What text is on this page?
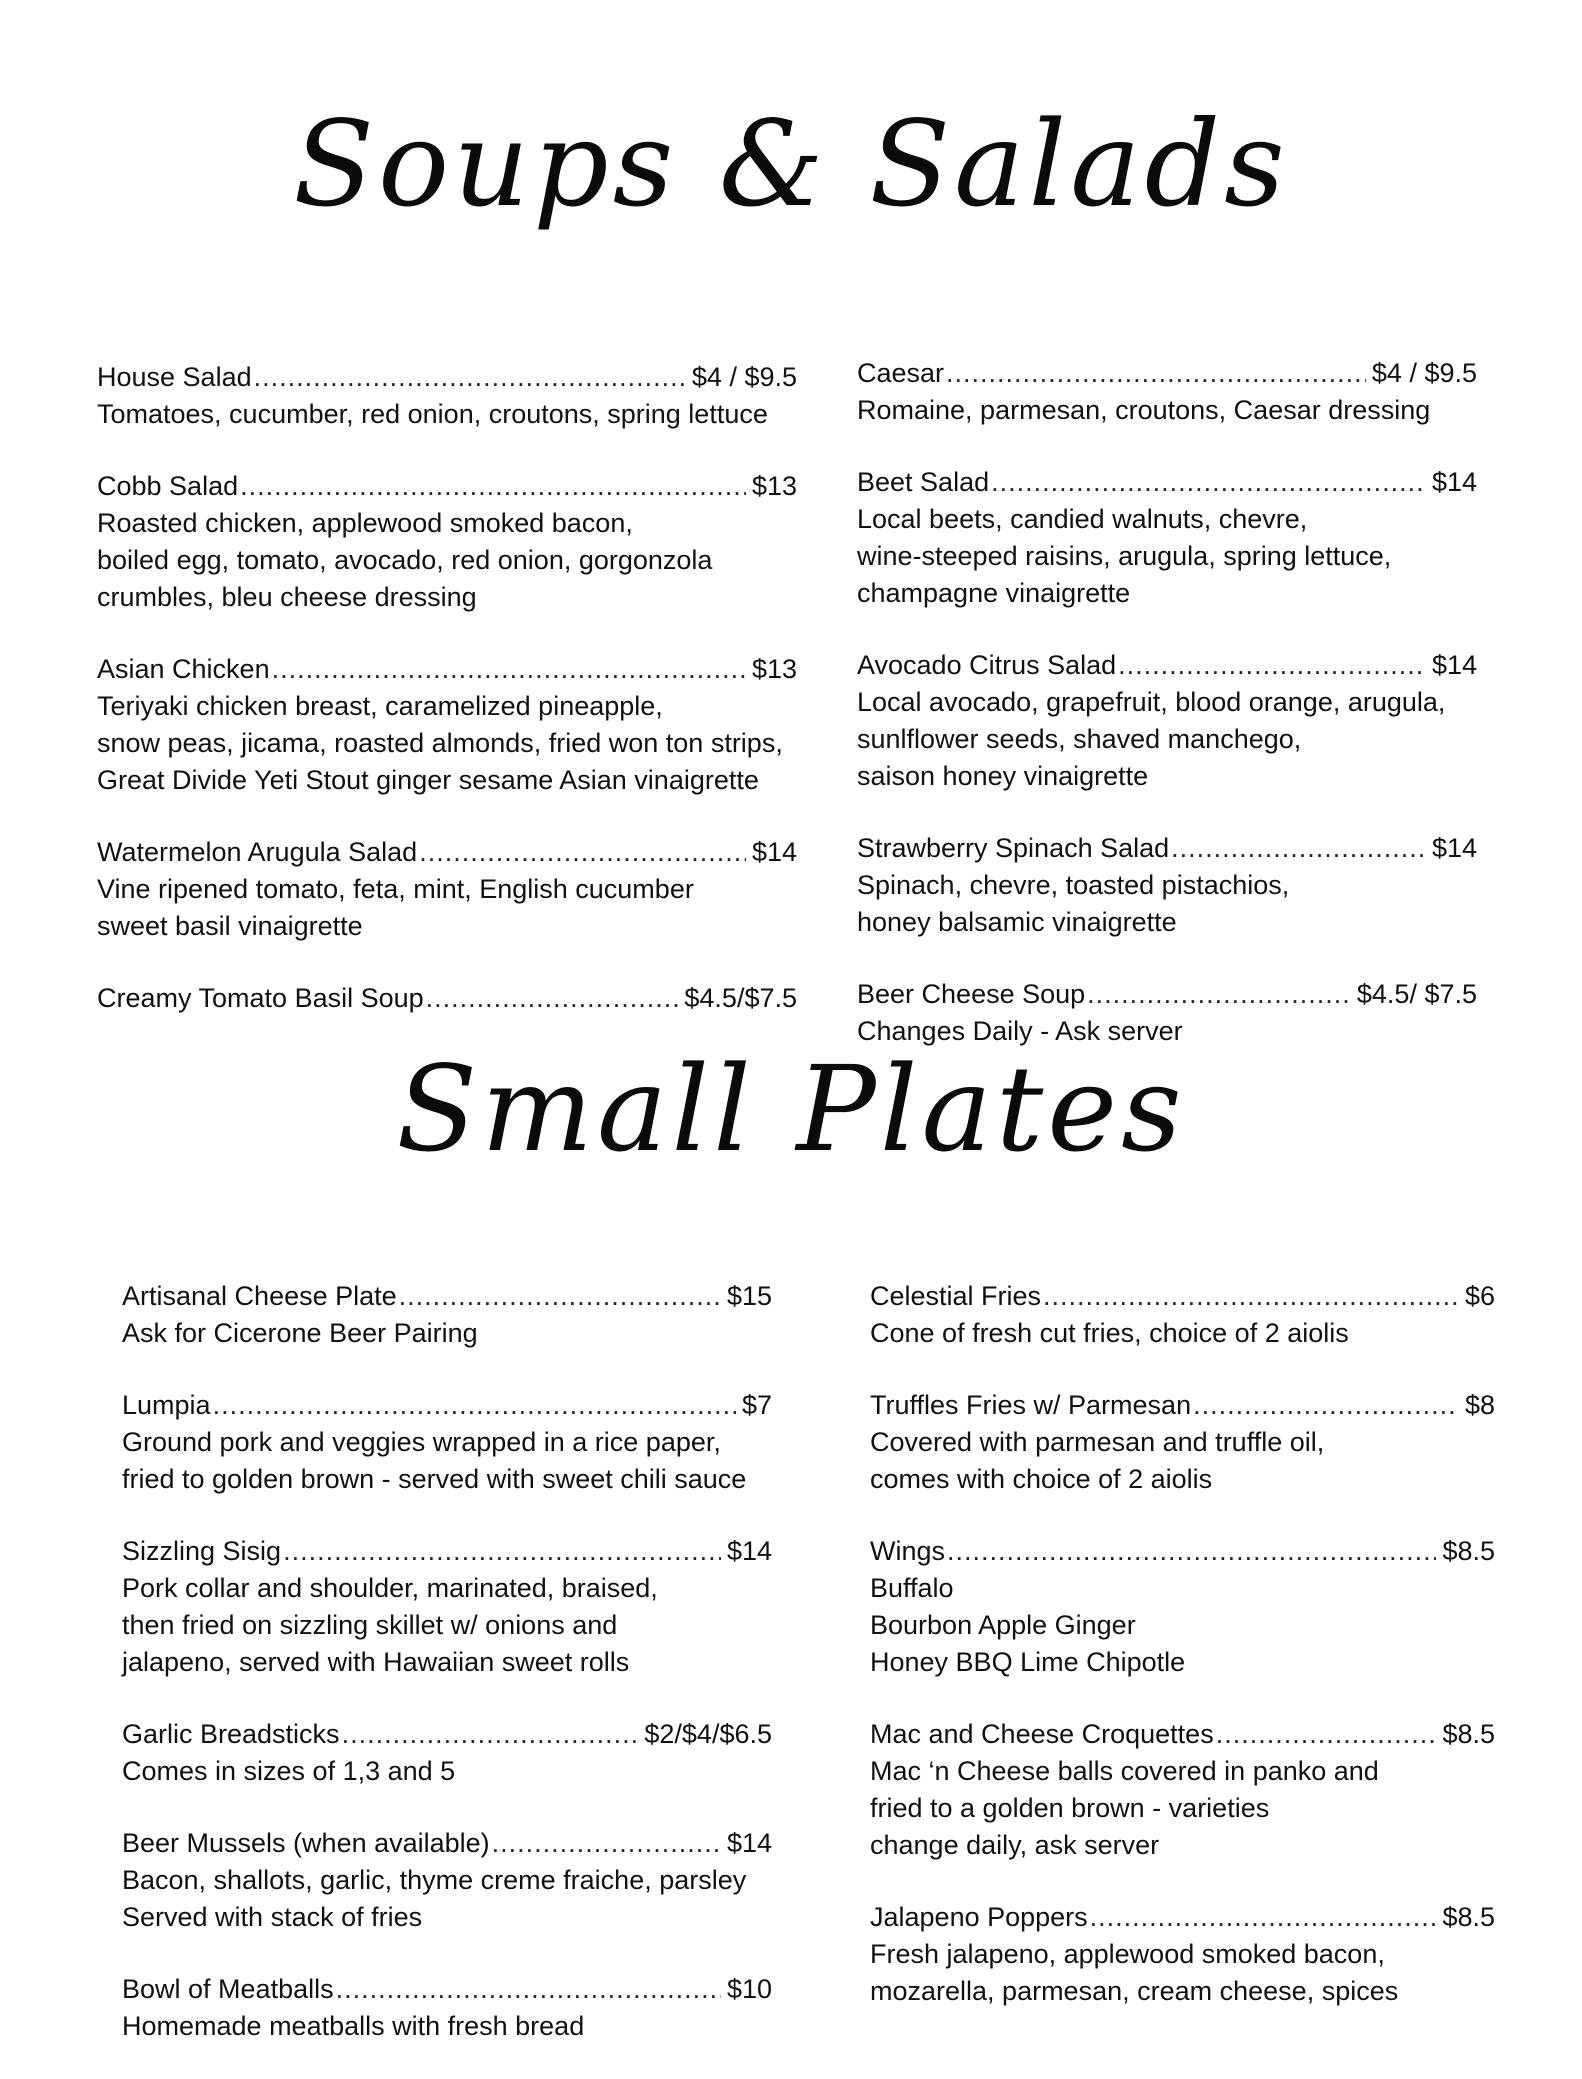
Soups & Salads
House Salad .....	$4 / $9.5
Tomatoes, cucumber, red onion, croutons, spring lettuce
Cobb Salad .....	$13
Roasted chicken, applewood smoked bacon,
boiled egg, tomato, avocado, red onion, gorgonzola
crumbles, bleu cheese dressing
Asian Chicken .....	$13
Teriyaki chicken breast, caramelized pineapple,
snow peas, jicama, roasted almonds, fried won ton strips,
Great Divide Yeti Stout ginger sesame Asian vinaigrette
Watermelon Arugula Salad .....	$14
Vine ripened tomato, feta, mint, English cucumber
sweet basil vinaigrette
Creamy Tomato Basil Soup .....	$4.5/$7.5
Caesar .....	$4 / $9.5
Romaine, parmesan, croutons, Caesar dressing
Beet Salad .....	$14
Local beets, candied walnuts, chevre,
wine-steeped raisins, arugula, spring lettuce,
champagne vinaigrette
Avocado Citrus Salad .....	$14
Local avocado, grapefruit, blood orange, arugula,
sunlflower seeds, shaved manchego,
saison honey vinaigrette
Strawberry Spinach Salad .....	$14
Spinach, chevre, toasted pistachios,
honey balsamic vinaigrette
Beer Cheese Soup .....	$4.5/ $7.5
Changes Daily - Ask server
Small Plates
Artisanal Cheese Plate .....	$15
Ask for Cicerone Beer Pairing
Lumpia .....	$7
Ground pork and veggies wrapped in a rice paper,
fried to golden brown - served with sweet chili sauce
Sizzling Sisig .....	$14
Pork collar and shoulder, marinated, braised,
then fried on sizzling skillet w/ onions and
jalapeno, served with Hawaiian sweet rolls
Garlic Breadsticks .....	$2/$4/$6.5
Comes in sizes of 1,3 and 5
Beer Mussels (when available) .....	$14
Bacon, shallots, garlic, thyme creme fraiche, parsley
Served with stack of fries
Bowl of Meatballs .....	$10
Homemade meatballs with fresh bread
Celestial Fries .....	$6
Cone of fresh cut fries, choice of 2 aiolis
Truffles Fries w/ Parmesan .....	$8
Covered with parmesan and truffle oil,
comes with choice of 2 aiolis
Wings .....	$8.5
Buffalo
Bourbon Apple Ginger
Honey BBQ Lime Chipotle
Mac and Cheese Croquettes .....	$8.5
Mac ‘n Cheese balls covered in panko and
fried to a golden brown - varieties
change daily, ask server
Jalapeno Poppers .....	$8.5
Fresh jalapeno, applewood smoked bacon,
mozarella, parmesan, cream cheese, spices
